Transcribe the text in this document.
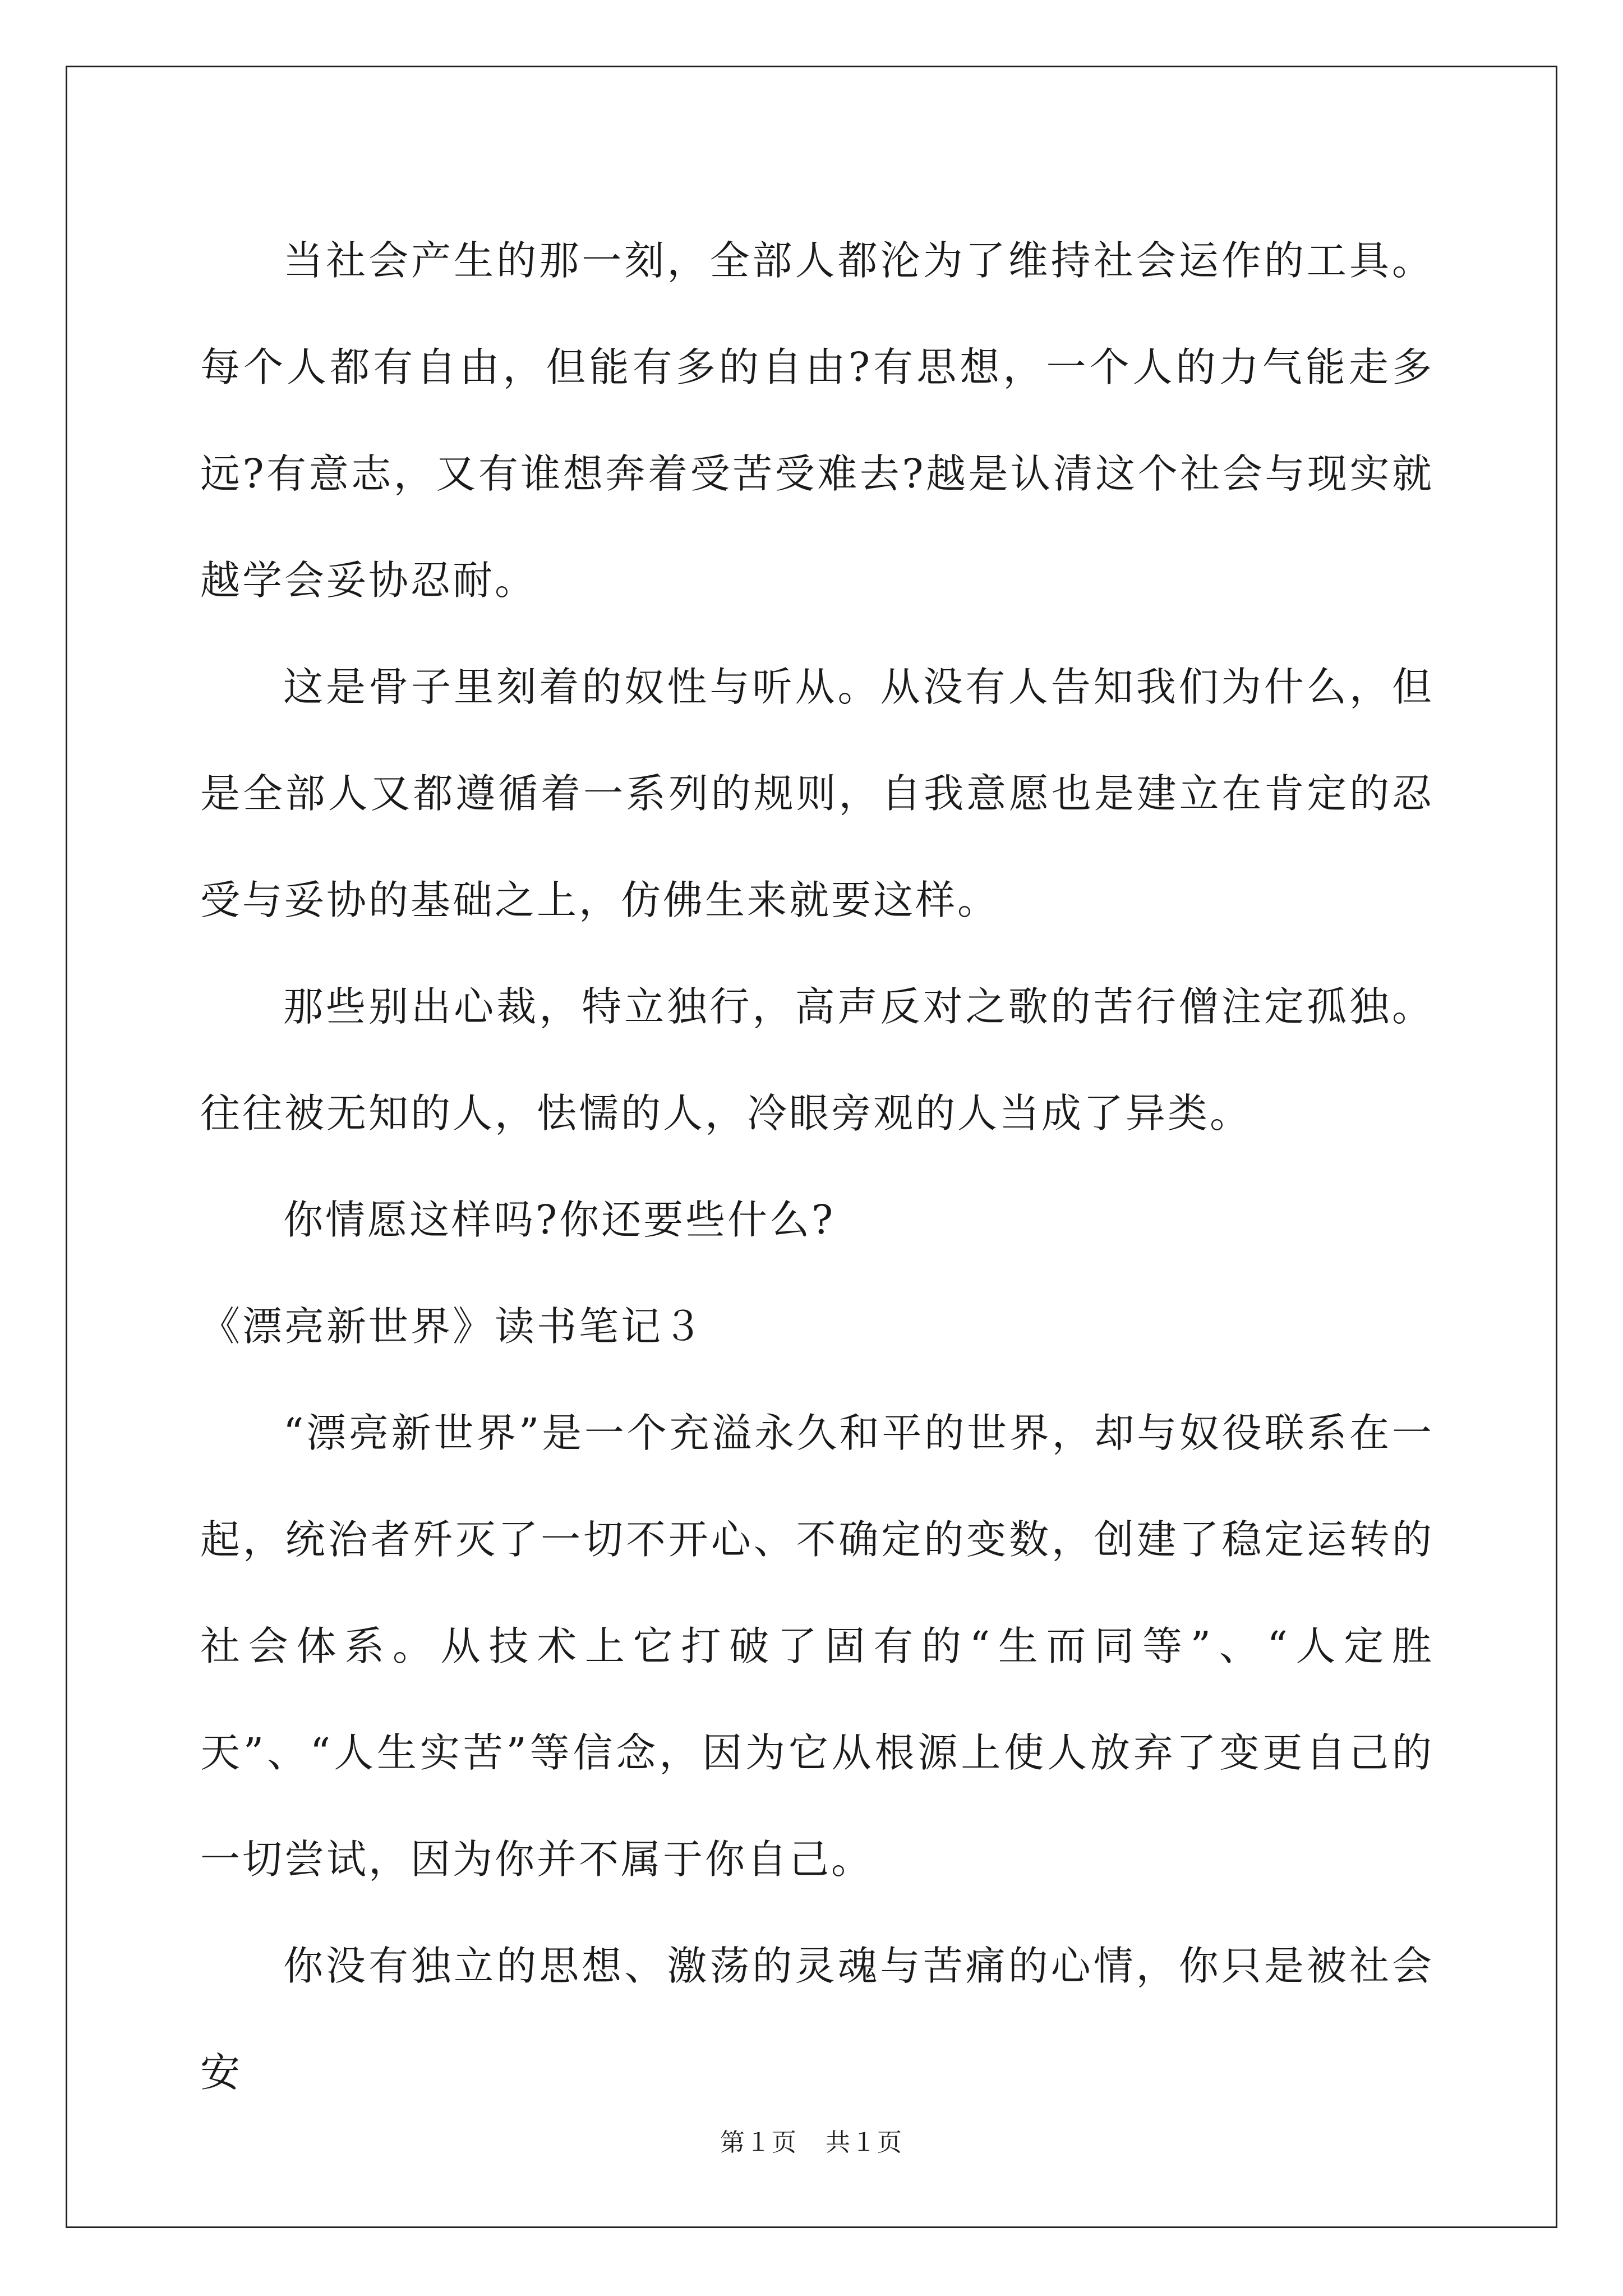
当社会产生的那一刻，全部人都沦为了维持社会运作的工具。每个人都有自由，但能有多的自由?有思想，一个人的力气能走多远?有意志，又有谁想奔着受苦受难去?越是认清这个社会与现实就越学会妥协忍耐。

这是骨子里刻着的奴性与听从。从没有人告知我们为什么，但是全部人又都遵循着一系列的规则，自我意愿也是建立在肯定的忍受与妥协的基础之上，仿佛生来就要这样。

那些别出心裁，特立独行，高声反对之歌的苦行僧注定孤独。往往被无知的人，怯懦的人，冷眼旁观的人当成了异类。

你情愿这样吗?你还要些什么?

《漂亮新世界》读书笔记３

“漂亮新世界”是一个充溢永久和平的世界，却与奴役联系在一起，统治者歼灭了一切不开心、不确定的变数，创建了稳定运转的社会体系。从技术上它打破了固有的“生而同等”、“人定胜天”、“人生实苦”等信念，因为它从根源上使人放弃了变更自己的一切尝试，因为你并不属于你自己。

你没有独立的思想、激荡的灵魂与苦痛的心情，你只是被社会安

第１页 共１页
